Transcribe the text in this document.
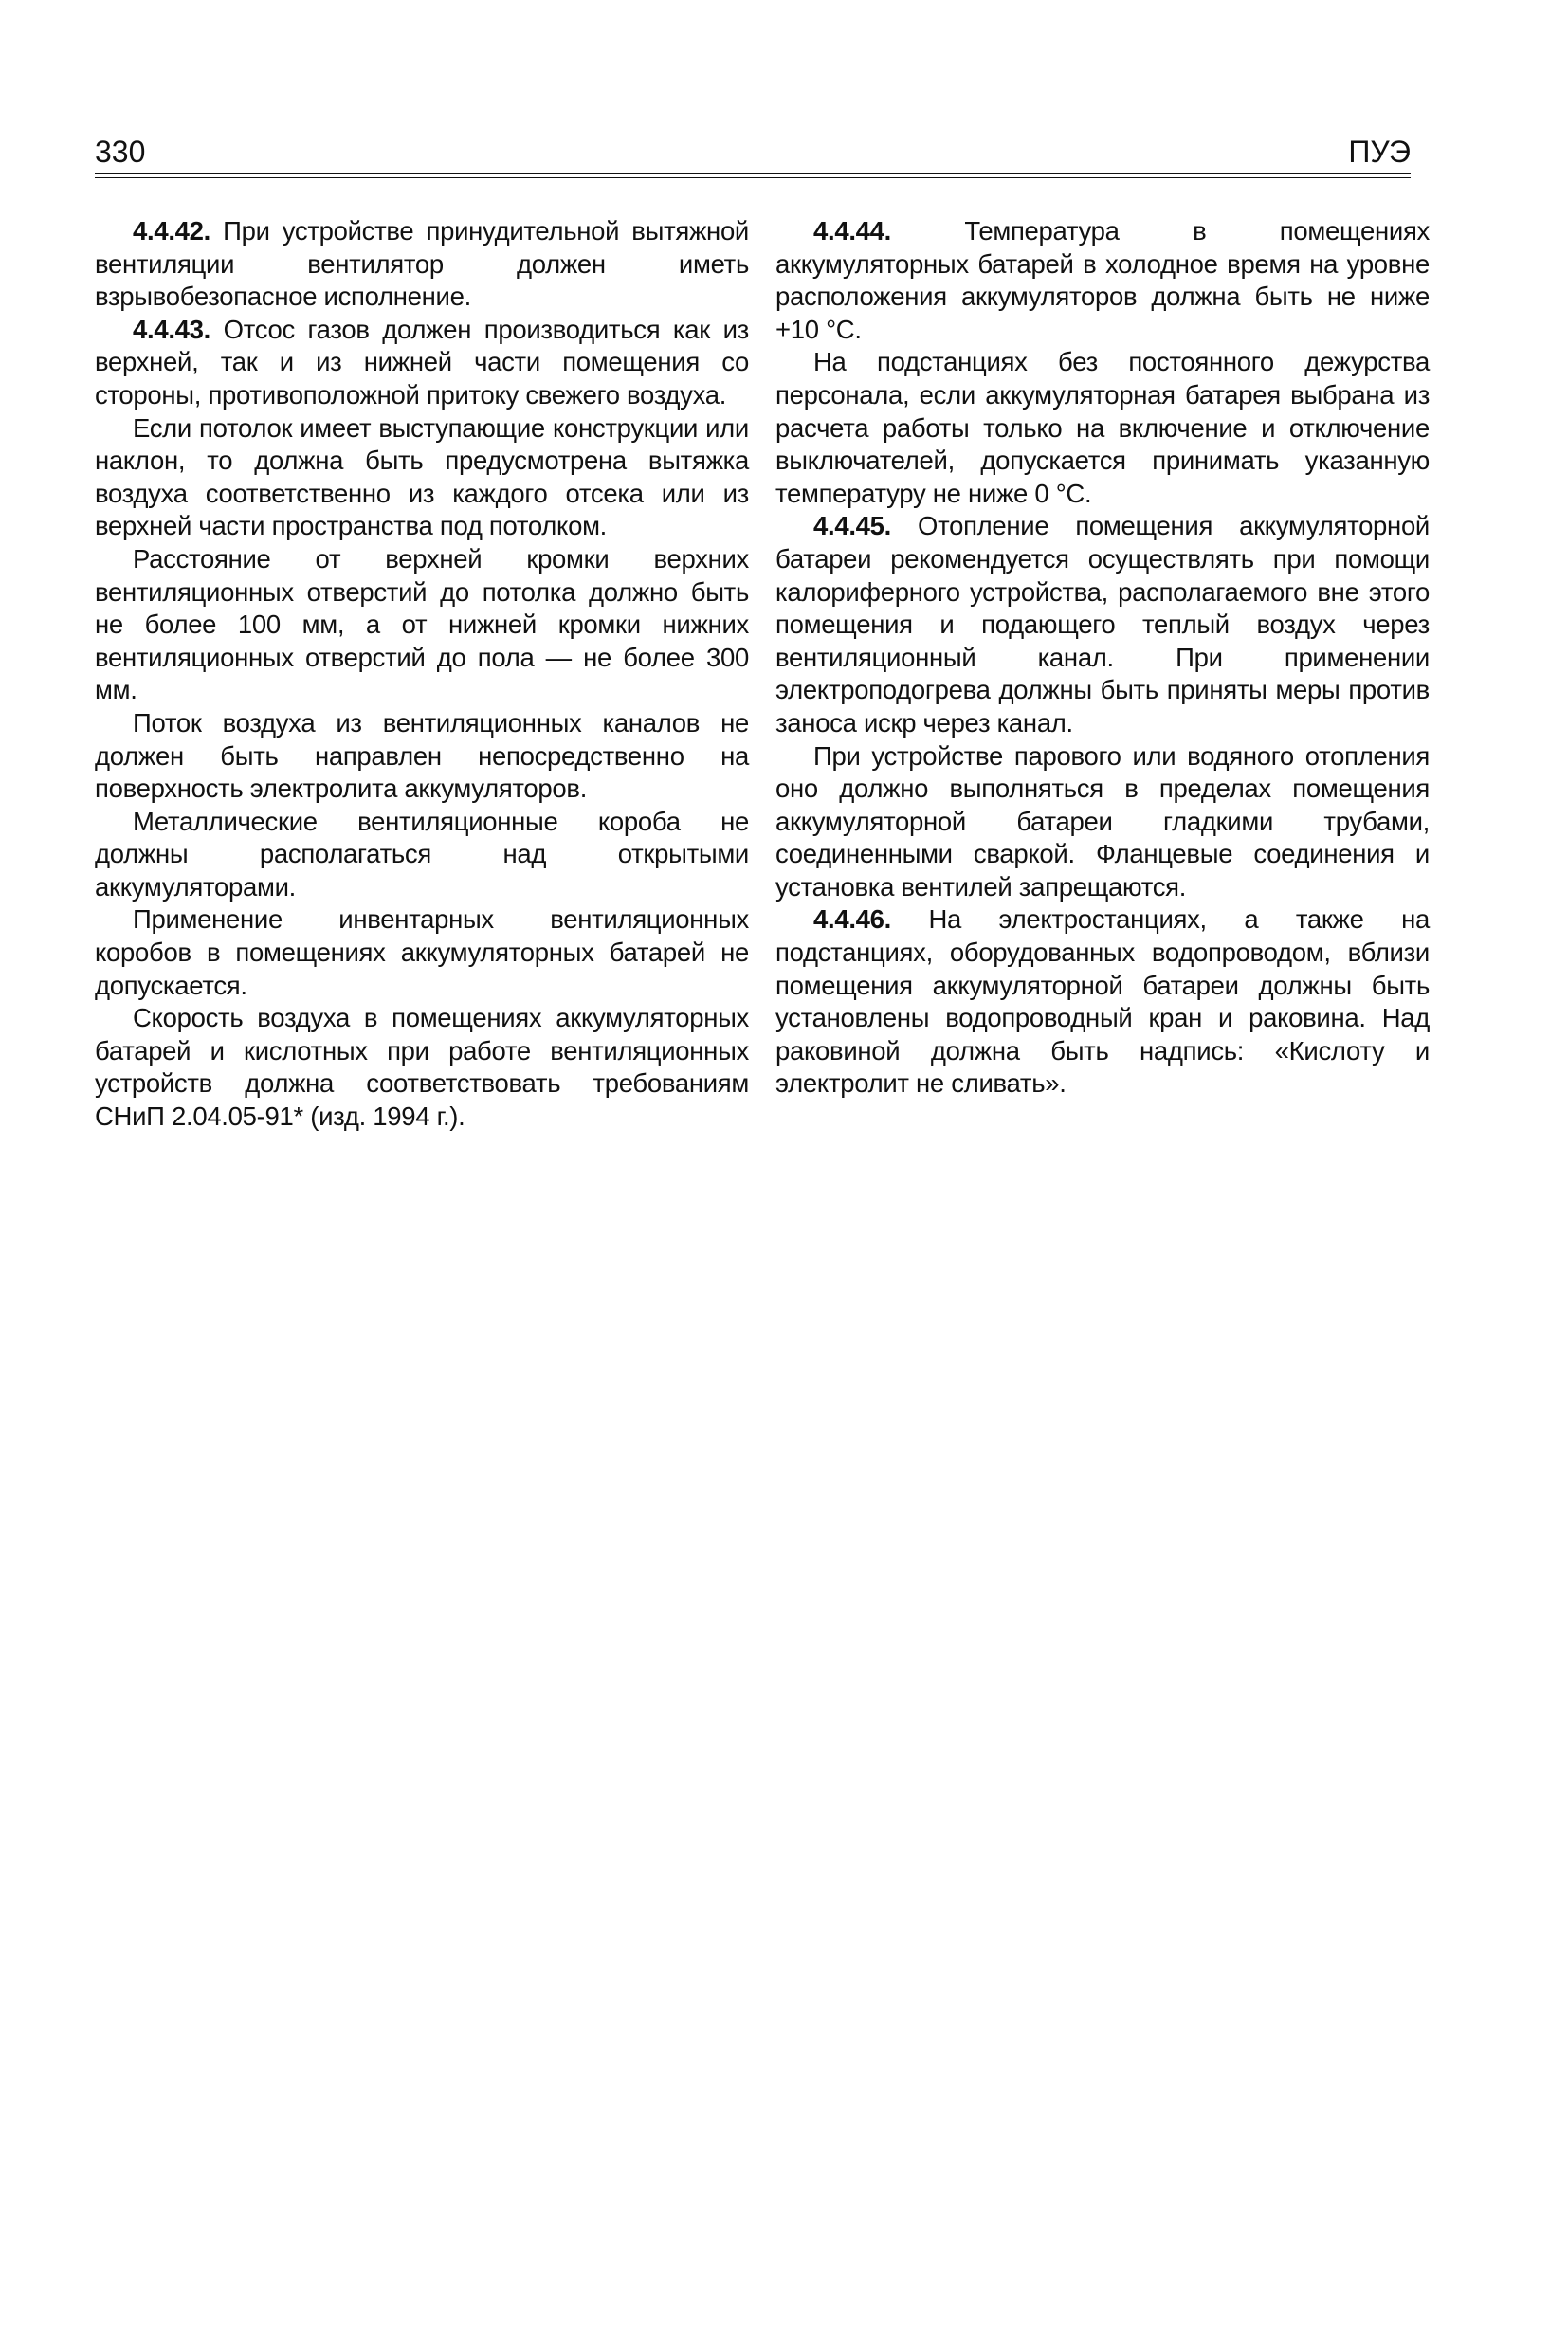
330	ПУЭ

4.4.42. При устройстве принудительной вытяжной вентиляции вентилятор должен иметь взрывобезопасное исполнение.

4.4.43. Отсос газов должен производиться как из верхней, так и из нижней части помещения со стороны, противоположной притоку свежего воздуха.

Если потолок имеет выступающие конструкции или наклон, то должна быть предусмотрена вытяжка воздуха соответственно из каждого отсека или из верхней части пространства под потолком.

Расстояние от верхней кромки верхних вентиляционных отверстий до потолка должно быть не более 100 мм, а от нижней кромки нижних вентиляционных отверстий до пола — не более 300 мм.

Поток воздуха из вентиляционных каналов не должен быть направлен непосредственно на поверхность электролита аккумуляторов.

Металлические вентиляционные короба не должны располагаться над открытыми аккумуляторами.

Применение инвентарных вентиляционных коробов в помещениях аккумуляторных батарей не допускается.

Скорость воздуха в помещениях аккумуляторных батарей и кислотных при работе вентиляционных устройств должна соответствовать требованиям СНиП 2.04.05-91* (изд. 1994 г.).

4.4.44. Температура в помещениях аккумуляторных батарей в холодное время на уровне расположения аккумуляторов должна быть не ниже +10 °С.

На подстанциях без постоянного дежурства персонала, если аккумуляторная батарея выбрана из расчета работы только на включение и отключение выключателей, допускается принимать указанную температуру не ниже 0 °С.

4.4.45. Отопление помещения аккумуляторной батареи рекомендуется осуществлять при помощи калориферного устройства, располагаемого вне этого помещения и подающего теплый воздух через вентиляционный канал. При применении электроподогрева должны быть приняты меры против заноса искр через канал.

При устройстве парового или водяного отопления оно должно выполняться в пределах помещения аккумуляторной батареи гладкими трубами, соединенными сваркой. Фланцевые соединения и установка вентилей запрещаются.

4.4.46. На электростанциях, а также на подстанциях, оборудованных водопроводом, вблизи помещения аккумуляторной батареи должны быть установлены водопроводный кран и раковина. Над раковиной должна быть надпись: «Кислоту и электролит не сливать».
